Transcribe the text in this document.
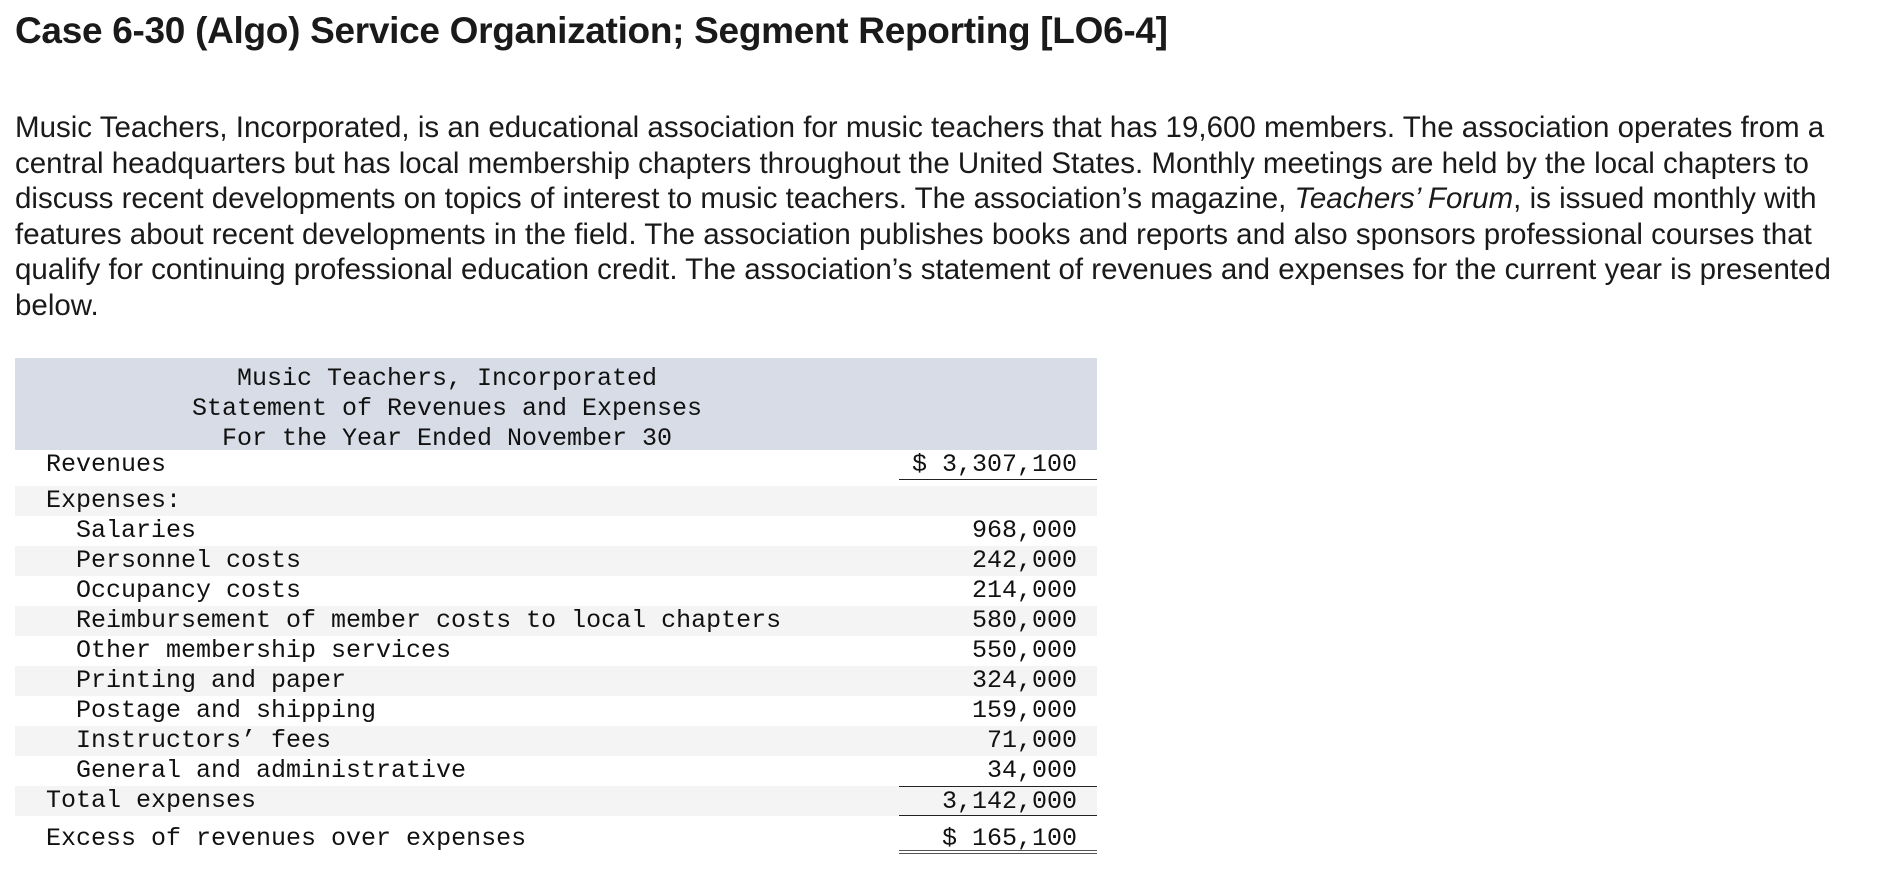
Case 6-30 (Algo) Service Organization; Segment Reporting [LO6-4]

Music Teachers, Incorporated, is an educational association for music teachers that has 19,600 members. The association operates from a central headquarters but has local membership chapters throughout the United States. Monthly meetings are held by the local chapters to discuss recent developments on topics of interest to music teachers. The association’s magazine, Teachers’ Forum, is issued monthly with features about recent developments in the field. The association publishes books and reports and also sponsors professional courses that qualify for continuing professional education credit. The association’s statement of revenues and expenses for the current year is presented below.

Music Teachers, Incorporated
Statement of Revenues and Expenses
For the Year Ended November 30
Revenues	$ 3,307,100
Expenses:
Salaries	968,000
Personnel costs	242,000
Occupancy costs	214,000
Reimbursement of member costs to local chapters	580,000
Other membership services	550,000
Printing and paper	324,000
Postage and shipping	159,000
Instructors’ fees	71,000
General and administrative	34,000
Total expenses	3,142,000
Excess of revenues over expenses	$ 165,100
